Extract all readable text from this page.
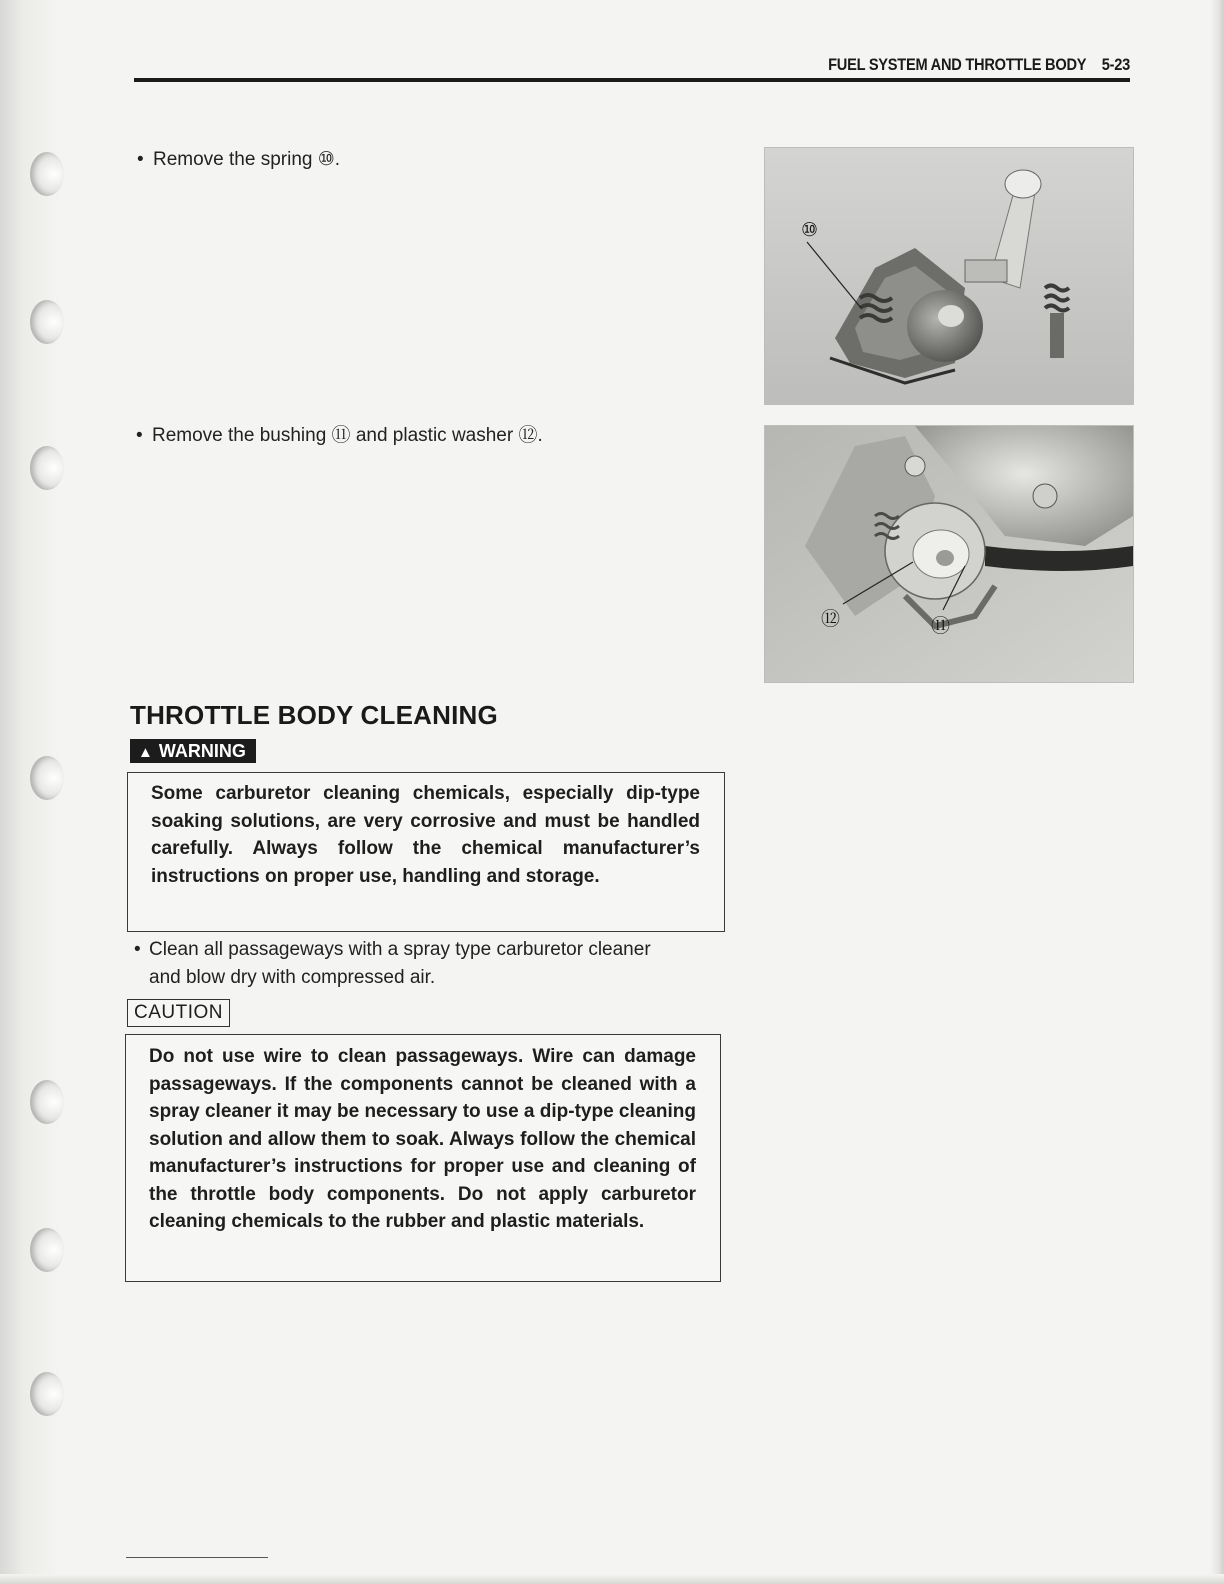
FUEL SYSTEM AND THROTTLE BODY 5-23
• Remove the spring ⑩.
• Remove the bushing ⑪ and plastic washer ⑫.
⑩
⑫	⑪
THROTTLE BODY CLEANING
▲ WARNING
Some carburetor cleaning chemicals, especially dip-type soaking solutions, are very corrosive and must be handled carefully. Always follow the chemical manufacturer’s instructions on proper use, handling and storage.
• Clean all passageways with a spray type carburetor cleaner
and blow dry with compressed air.
CAUTION
Do not use wire to clean passageways. Wire can damage passageways. If the components cannot be cleaned with a spray cleaner it may be necessary to use a dip-type cleaning solution and allow them to soak. Always follow the chemical manufacturer’s instructions for proper use and cleaning of the throttle body components. Do not apply carburetor cleaning chemicals to the rubber and plastic materials.
